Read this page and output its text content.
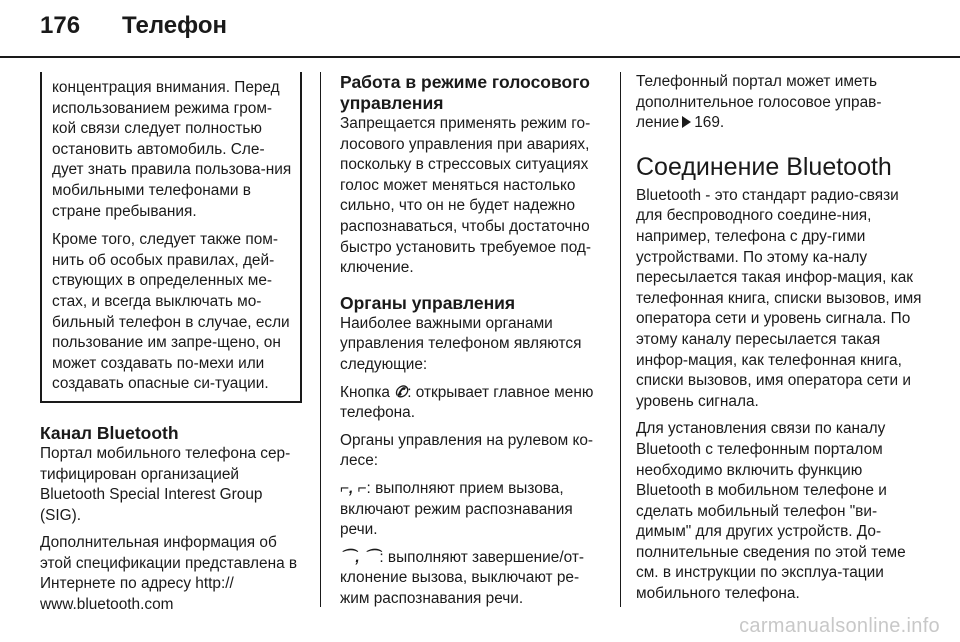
176 Телефон

концентрация внимания. Перед использованием режима гром-кой связи следует полностью остановить автомобиль. Сле-дует знать правила пользова-ния мобильными телефонами в стране пребывания.

Кроме того, следует также пом-нить об особых правилах, дей-ствующих в определенных ме-стах, и всегда выключать мо-бильный телефон в случае, если пользование им запре-щено, он может создавать по-мехи или создавать опасные си-туации.

Канал Bluetooth

Портал мобильного телефона сер-тифицирован организацией Bluetooth Special Interest Group (SIG).

Дополнительная информация об этой спецификации представлена в Интернете по адресу http:// www.bluetooth.com

Работа в режиме голосового управления

Запрещается применять режим го-лосового управления при авариях, поскольку в стрессовых ситуациях голос может меняться настолько сильно, что он не будет надежно распознаваться, чтобы достаточно быстро установить требуемое под-ключение.

Органы управления

Наиболее важными органами управления телефоном являются следующие:

Кнопка ✆: открывает главное меню телефона.

Органы управления на рулевом ко-лесе:

⌐, ⌐: выполняют прием вызова, включают режим распознавания речи.

⌒, ⌒: выполняют завершение/от-клонение вызова, выключают ре-жим распознавания речи.

Телефонный портал может иметь дополнительное голосовое управ-ление 169.

Соединение Bluetooth

Bluetooth - это стандарт радио-связи для беспроводного соедине-ния, например, телефона с дру-гими устройствами. По этому ка-налу пересылается такая инфор-мация, как телефонная книга, списки вызовов, имя оператора сети и уровень сигнала. По этому каналу пересылается такая инфор-мация, как телефонная книга, списки вызовов, имя оператора сети и уровень сигнала.

Для установления связи по каналу Bluetooth с телефонным порталом необходимо включить функцию Bluetooth в мобильном телефоне и сделать мобильный телефон "ви-димым" для других устройств. До-полнительные сведения по этой теме см. в инструкции по эксплуа-тации мобильного телефона.

carmanualsonline.info
